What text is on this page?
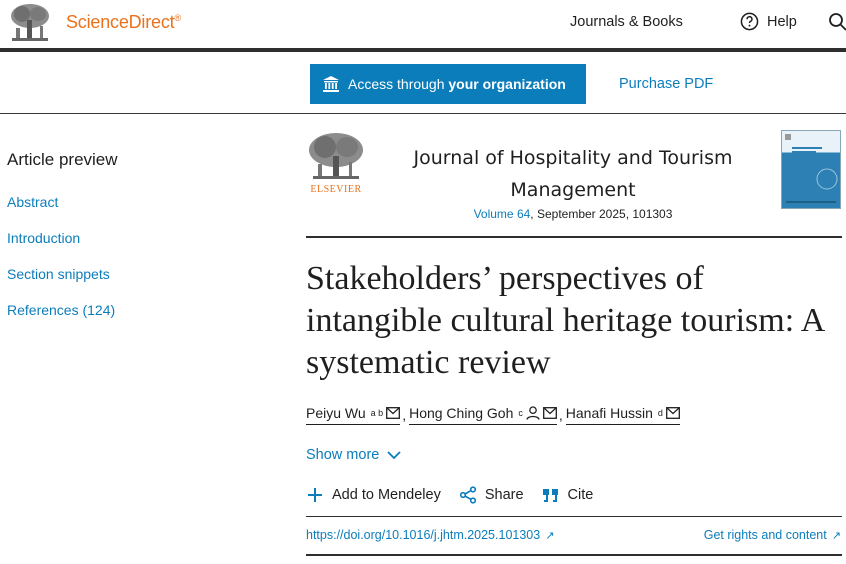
ScienceDirect®	Journals & Books	Help
Access through your organization	Purchase PDF
Article preview
Abstract
Introduction
Section snippets
References (124)
ELSEVIER
Journal of Hospitality and Tourism Management
Volume 64, September 2025, 101303
Stakeholders’ perspectives of intangible cultural heritage tourism: A systematic review
Peiyu Wu a b , Hong Ching Goh c	, Hanafi Hussin d
Show more
Add to Mendeley	Share	Cite
https://doi.org/10.1016/j.jhtm.2025.101303 ↗	Get rights and content ↗
